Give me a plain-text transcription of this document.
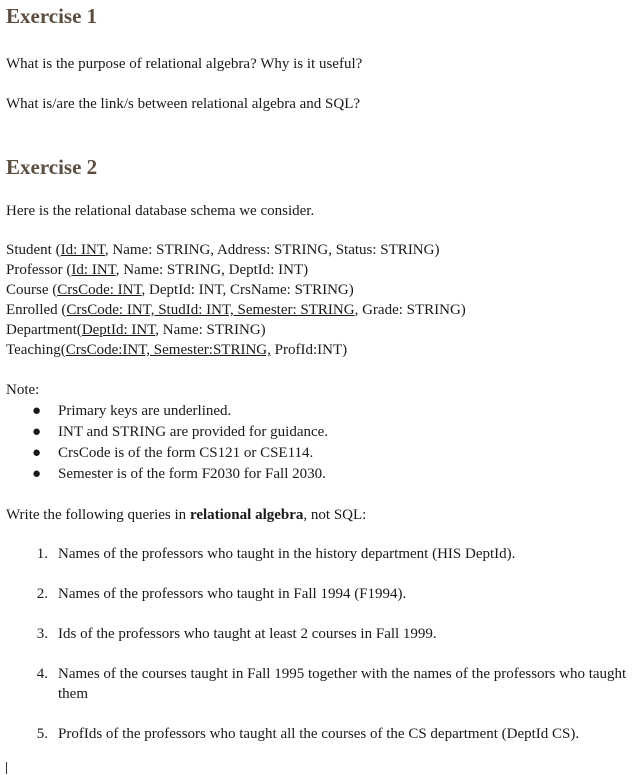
Exercise 1
What is the purpose of relational algebra? Why is it useful?
What is/are the link/s between relational algebra and SQL?
Exercise 2
Here is the relational database schema we consider.
Student (Id: INT, Name: STRING, Address: STRING, Status: STRING)
Professor (Id: INT, Name: STRING, DeptId: INT)
Course (CrsCode: INT, DeptId: INT, CrsName: STRING)
Enrolled (CrsCode: INT, StudId: INT, Semester: STRING, Grade: STRING)
Department(DeptId: INT, Name: STRING)
Teaching(CrsCode:INT, Semester:STRING, ProfId:INT)
Note:
● Primary keys are underlined.
● INT and STRING are provided for guidance.
● CrsCode is of the form CS121 or CSE114.
● Semester is of the form F2030 for Fall 2030.
Write the following queries in relational algebra, not SQL:
1. Names of the professors who taught in the history department (HIS DeptId).
2. Names of the professors who taught in Fall 1994 (F1994).
3. Ids of the professors who taught at least 2 courses in Fall 1999.
4. Names of the courses taught in Fall 1995 together with the names of the professors who taught them
5. ProfIds of the professors who taught all the courses of the CS department (DeptId CS).
